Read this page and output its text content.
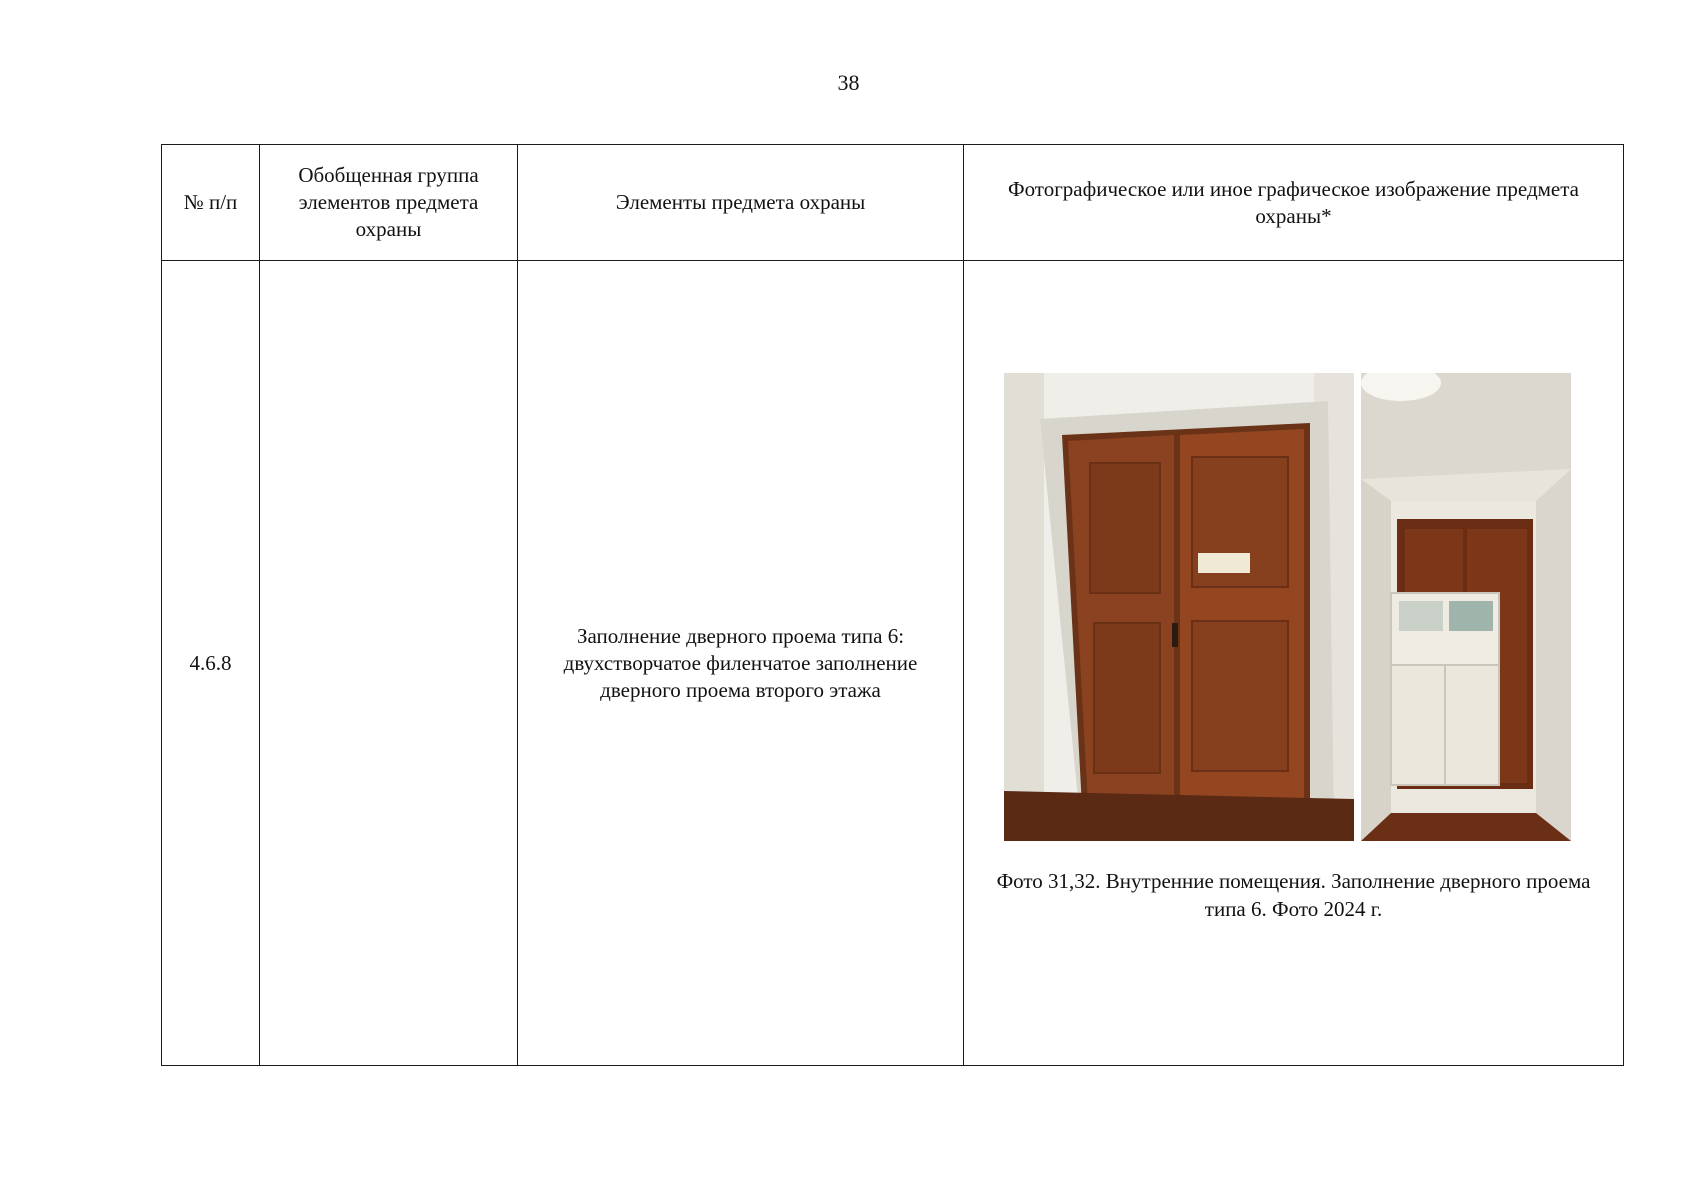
38
№ п/п	Обобщенная группа элементов предмета охраны	Элементы предмета охраны	Фотографическое или иное графическое изображение предмета охраны*
4.6.8		Заполнение дверного проема типа 6: двухстворчатое филенчатое заполнение дверного проема второго этажа	Фото 31,32. Внутренние помещения. Заполнение дверного проема типа 6. Фото 2024 г.
